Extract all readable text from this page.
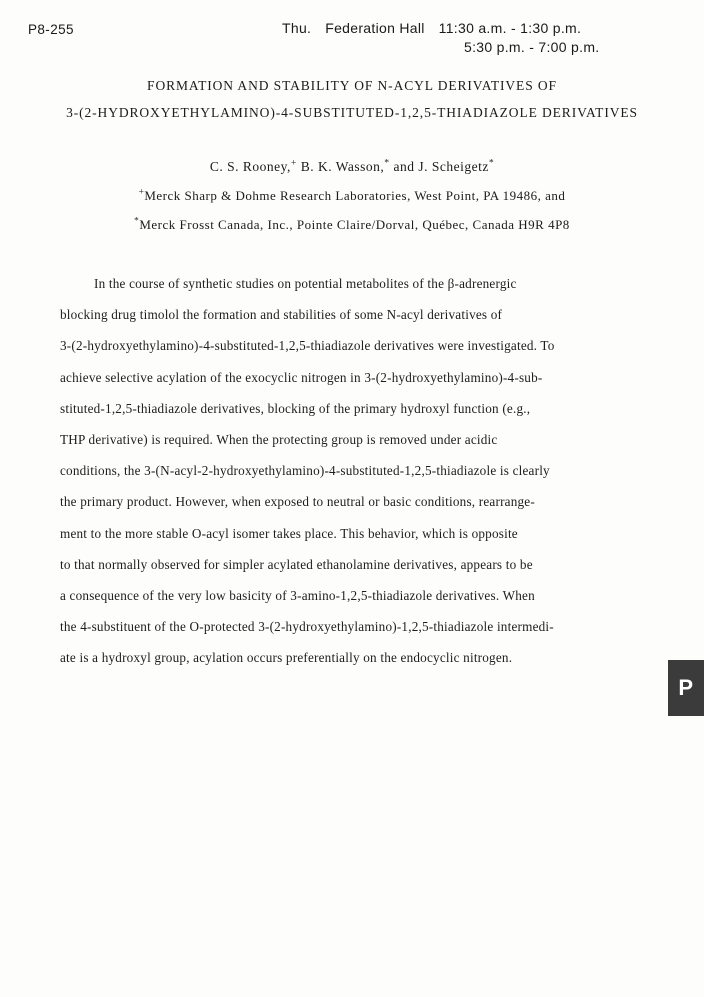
P8-255	Thu. Federation Hall 11:30 a.m. - 1:30 p.m.
5:30 p.m. - 7:00 p.m.
FORMATION AND STABILITY OF N-ACYL DERIVATIVES OF
3-(2-HYDROXYETHYLAMINO)-4-SUBSTITUTED-1,2,5-THIADIAZOLE DERIVATIVES
C. S. Rooney,+ B. K. Wasson,* and J. Scheigetz*
+Merck Sharp & Dohme Research Laboratories, West Point, PA 19486, and
*Merck Frosst Canada, Inc., Pointe Claire/Dorval, Québec, Canada H9R 4P8
In the course of synthetic studies on potential metabolites of the β-adrenergic
blocking drug timolol the formation and stabilities of some N-acyl derivatives of
3-(2-hydroxyethylamino)-4-substituted-1,2,5-thiadiazole derivatives were investigated. To
achieve selective acylation of the exocyclic nitrogen in 3-(2-hydroxyethylamino)-4-sub-
stituted-1,2,5-thiadiazole derivatives, blocking of the primary hydroxyl function (e.g.,
THP derivative) is required. When the protecting group is removed under acidic
conditions, the 3-(N-acyl-2-hydroxyethylamino)-4-substituted-1,2,5-thiadiazole is clearly
the primary product. However, when exposed to neutral or basic conditions, rearrange-
ment to the more stable O-acyl isomer takes place. This behavior, which is opposite
to that normally observed for simpler acylated ethanolamine derivatives, appears to be
a consequence of the very low basicity of 3-amino-1,2,5-thiadiazole derivatives. When
the 4-substituent of the O-protected 3-(2-hydroxyethylamino)-1,2,5-thiadiazole intermedi-
ate is a hydroxyl group, acylation occurs preferentially on the endocyclic nitrogen.
P
